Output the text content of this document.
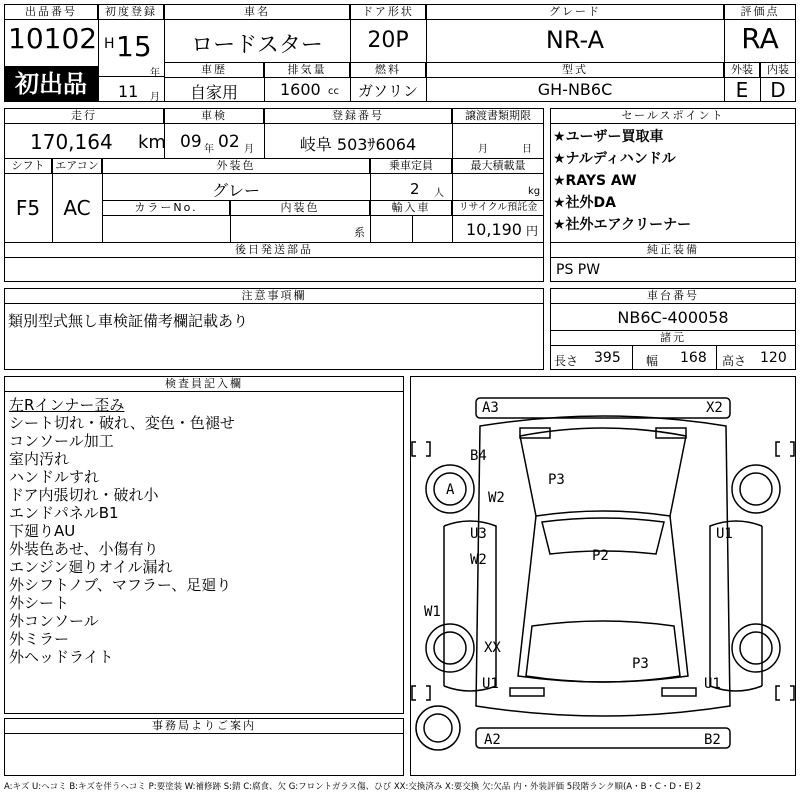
出品番号
10102
初出品
初度登録
H 15
年
11 月
車名
ロードスター
車歴
自家用
排気量
1600 cc
ドア形状
20P
燃料
ガソリン
グレード
NR-A
型式
GH-NB6C
評価点
RA
外装	内装
E	D
走行
170,164 km
車検
09 年 02 月
登録番号
岐阜 503ｻ6064
譲渡書類期限
月	日
シフト エアコン
F5	AC
外装色
グレー
乗車定員
2 人
最大積載量
kg
カラーNo.	内装色
系
輸入車	リサイクル預託金
10,190 円
後日発送部品
セールスポイント
★ユーザー買取車
★ナルディハンドル
★RAYS AW
★社外DA
★社外エアクリーナー
純正装備
PS PW
注意事項欄
類別型式無し車検証備考欄記載あり
車台番号
NB6C-400058
諸元
長さ 395 幅 168 高さ 120
検査員記入欄
左Rインナー歪み
シート切れ・破れ、変色・色褪せ
コンソール加工
室内汚れ
ハンドルすれ
ドア内張切れ・破れ小
エンドパネルB1
下廻りAU
外装色あせ、小傷有り
エンジン廻りオイル漏れ
外シフトノブ、マフラー、足廻り
外シート
外コンソール
外ミラー
外ヘッドライト
事務局よりご案内
A3	X2
B4
A W2
P3
U3
W2
U1
P2
W1
XX
P3
U1	U1
A2	B2
A:キズ U:ヘコミ B:キズを伴うヘコミ P:要塗装 W:補修跡 S:錆 C:腐食、欠 G:フロントガラス傷、ひび XX:交換済み X:要交換 欠:欠品 内・外装評価 5段階ランク順(A・B・C・D・E) 2
